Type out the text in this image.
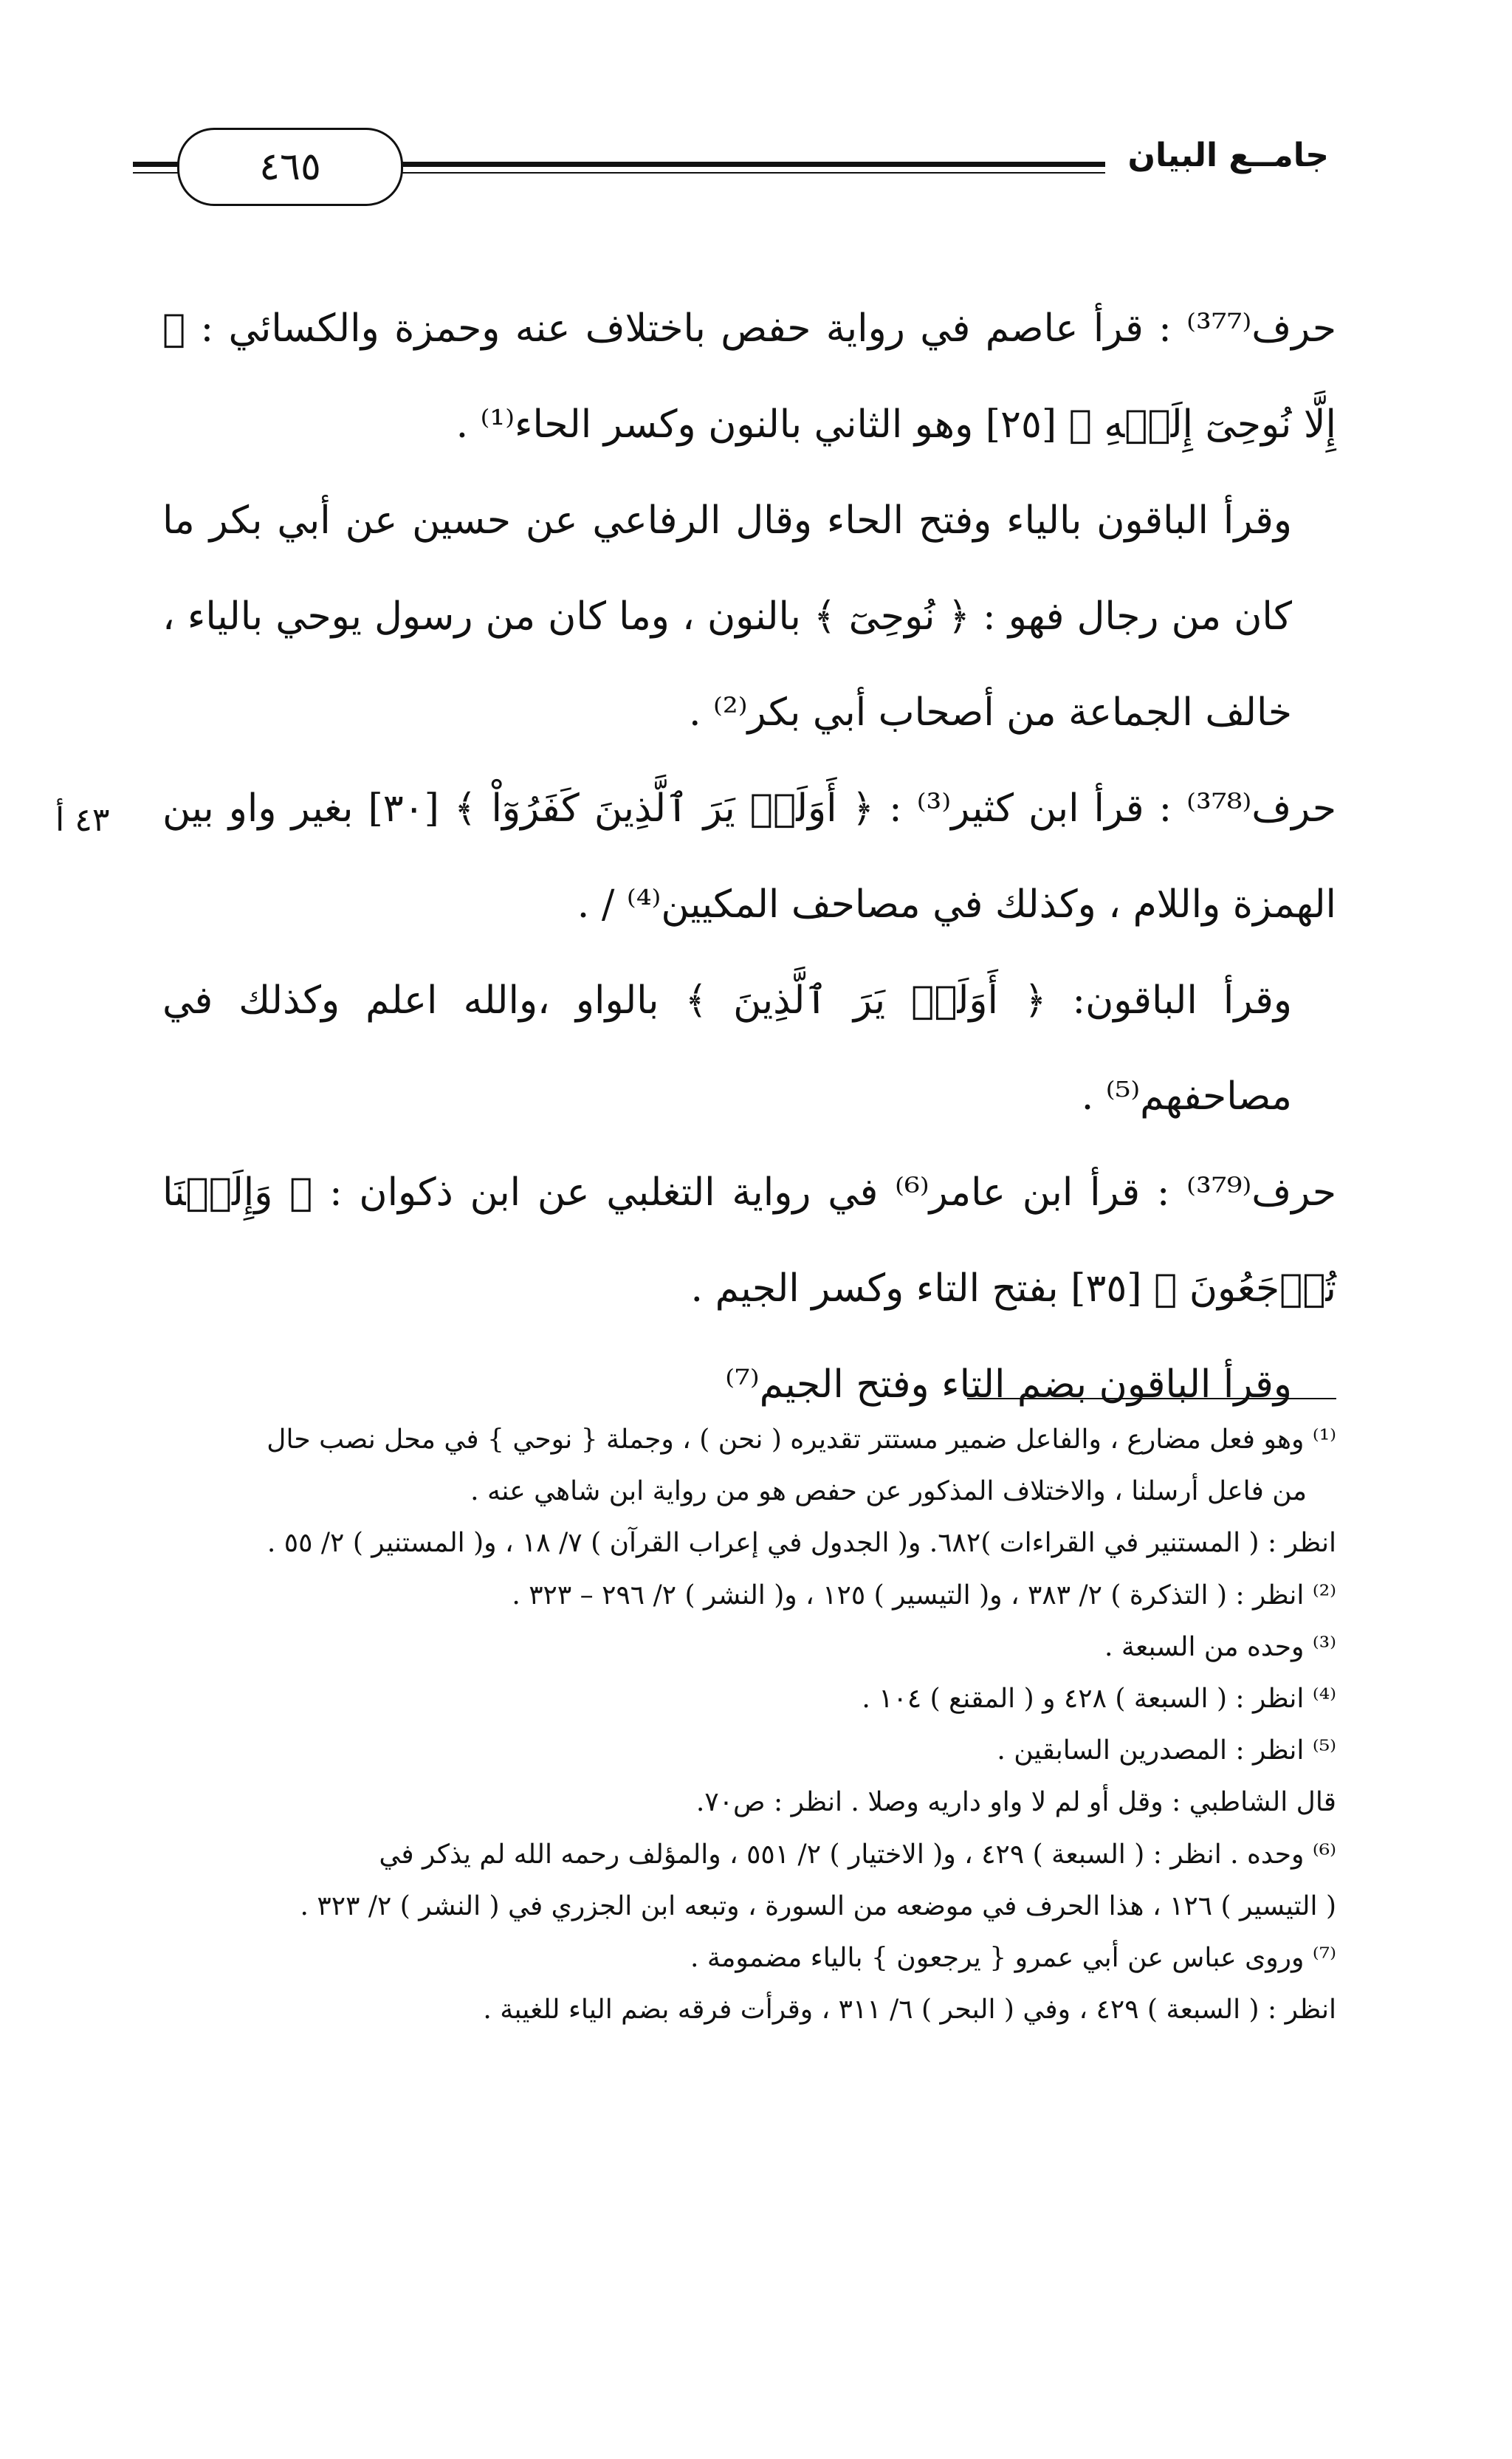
٤٦٥	جامــع البيان
٤٣ أ

حرف⁽³⁷⁷⁾ : قرأ عاصم في رواية حفص باختلاف عنه وحمزة والكسائي : ﴿ إِلَّا نُوحِىٓ إِلَيۡهِ ﴾ [٢٥] وهو الثاني بالنون وكسر الحاء⁽¹⁾ .

وقرأ الباقون بالياء وفتح الحاء وقال الرفاعي عن حسين عن أبي بكر ما كان من رجال فهو : ﴿ نُوحِىٓ ﴾ بالنون ، وما كان من رسول يوحي بالياء ، خالف الجماعة من أصحاب أبي بكر⁽²⁾ .

حرف⁽³⁷⁸⁾ : قرأ ابن كثير⁽³⁾ : ﴿ أَوَلَمۡ يَرَ ٱلَّذِينَ كَفَرُوٓاْ ﴾ [٣٠] بغير واو بين الهمزة واللام ، وكذلك في مصاحف المكيين⁽⁴⁾ / .

وقرأ الباقون: ﴿ أَوَلَمۡ يَرَ ٱلَّذِينَ ﴾ بالواو ،والله اعلم وكذلك في مصاحفهم⁽⁵⁾ .

حرف⁽³⁷⁹⁾ : قرأ ابن عامر⁽⁶⁾ في رواية التغلبي عن ابن ذكوان : ﴿ وَإِلَيۡنَا تُرۡجَعُونَ ﴾ [٣٥] بفتح التاء وكسر الجيم .

وقرأ الباقون بضم التاء وفتح الجيم⁽⁷⁾

⁽¹⁾ وهو فعل مضارع ، والفاعل ضمير مستتر تقديره ( نحن ) ، وجملة { نوحي } في محل نصب حال

من فاعل أرسلنا ، والاختلاف المذكور عن حفص هو من رواية ابن شاهي عنه .

انظر : ( المستنير في القراءات )٦٨٢. و( الجدول في إعراب القرآن ) ٧/ ١٨ ، و( المستنير ) ٢/ ٥٥ .

⁽²⁾ انظر : ( التذكرة ) ٢/ ٣٨٣ ، و( التيسير ) ١٢٥ ، و( النشر ) ٢/ ٢٩٦ – ٣٢٣ .

⁽³⁾ وحده من السبعة .

⁽⁴⁾ انظر : ( السبعة ) ٤٢٨ و ( المقنع ) ١٠٤ .

⁽⁵⁾ انظر : المصدرين السابقين .

قال الشاطبي : وقل أو لم لا واو داريه وصلا . انظر : ص٧٠.

⁽⁶⁾ وحده . انظر : ( السبعة ) ٤٢٩ ، و( الاختيار ) ٢/ ٥٥١ ، والمؤلف رحمه الله لم يذكر في

( التيسير ) ١٢٦ ، هذا الحرف في موضعه من السورة ، وتبعه ابن الجزري في ( النشر ) ٢/ ٣٢٣ .

⁽⁷⁾ وروى عباس عن أبي عمرو { يرجعون } بالياء مضمومة .

انظر : ( السبعة ) ٤٢٩ ، وفي ( البحر ) ٦/ ٣١١ ، وقرأت فرقه بضم الياء للغيبة .
